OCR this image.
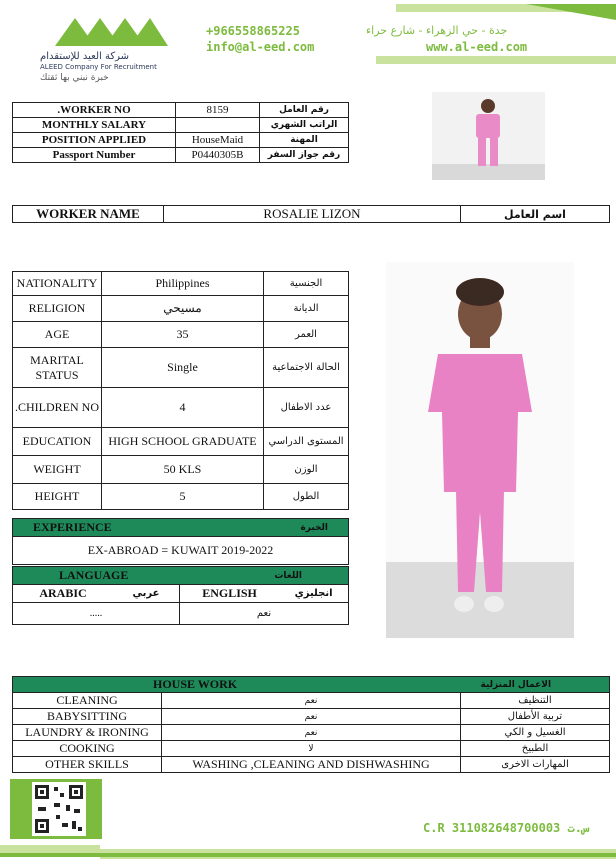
شركة العيد للإستقدام
ALEED Company For Recruitment
خبرة نبني بها ثقتك
+966558865225	جدة - حي الزهراء - شارع حراء
info@al-eed.com	www.al-eed.com
.WORKER NO	8159	رقم العامل
MONTHLY SALARY		الراتب الشهري
POSITION APPLIED	HouseMaid	المهنة
Passport Number	P0440305B	رقم جواز السفر
WORKER NAME	ROSALIE LIZON	اسم العامل
NATIONALITY	Philippines	الجنسية
RELIGION	مسيحي	الديانة
AGE	35	العمر
MARITAL STATUS	Single	الحالة الاجتماعية
.CHILDREN NO	4	عدد الاطفال
EDUCATION	HIGH SCHOOL GRADUATE	المستوى الدراسي
WEIGHT	50 KLS	الوزن
HEIGHT	5	الطول
EXPERIENCE	الخبرة
EX-ABROAD = KUWAIT 2019-2022
LANGUAGE		اللغات	
ARABIC	عربي	ENGLISH	انجليزي
.....		نعم	
HOUSE WORK		الاعمال المنزلية
CLEANING	نعم	التنظيف
BABYSITTING	نعم	تربية الأطفال
LAUNDRY & IRONING	نعم	الغسيل و الكي
COOKING	لا	الطبيخ
OTHER SKILLS	WASHING ,CLEANING AND DISHWASHING	المهارات الاخرى
C.R 311082648700003 س.ت
